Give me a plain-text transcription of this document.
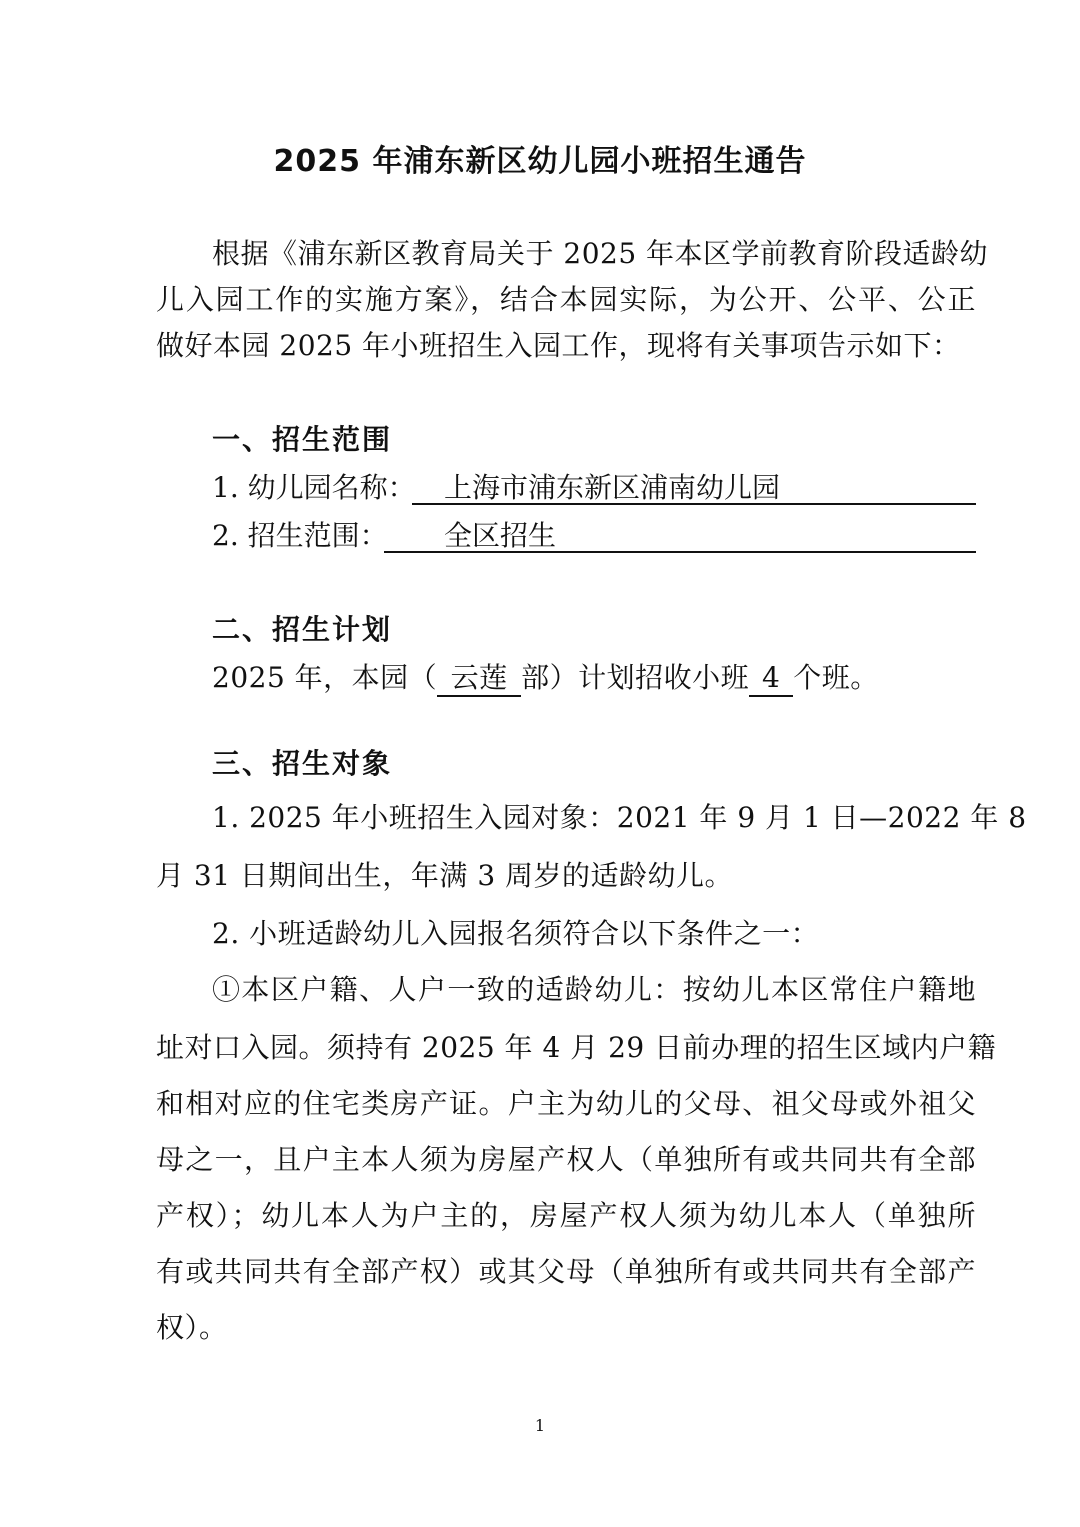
2025 年浦东新区幼儿园小班招生通告
根据《浦东新区教育局关于 2025 年本区学前教育阶段适龄幼
儿入园工作的实施方案》，结合本园实际，为公开、公平、公正
做好本园 2025 年小班招生入园工作，现将有关事项告示如下：
一、招生范围
1. 幼儿园名称： 上海市浦东新区浦南幼儿园
2. 招生范围： 全区招生
二、招生计划
2025 年，本园（ 云莲 部）计划招收小班 4 个班。
三、招生对象
1. 2025 年小班招生入园对象：2021 年 9 月 1 日—2022 年 8
月 31 日期间出生，年满 3 周岁的适龄幼儿。
2. 小班适龄幼儿入园报名须符合以下条件之一：
①本区户籍、人户一致的适龄幼儿：按幼儿本区常住户籍地
址对口入园。须持有 2025 年 4 月 29 日前办理的招生区域内户籍
和相对应的住宅类房产证。户主为幼儿的父母、祖父母或外祖父
母之一，且户主本人须为房屋产权人（单独所有或共同共有全部
产权）；幼儿本人为户主的，房屋产权人须为幼儿本人（单独所
有或共同共有全部产权）或其父母（单独所有或共同共有全部产
权）。
1
